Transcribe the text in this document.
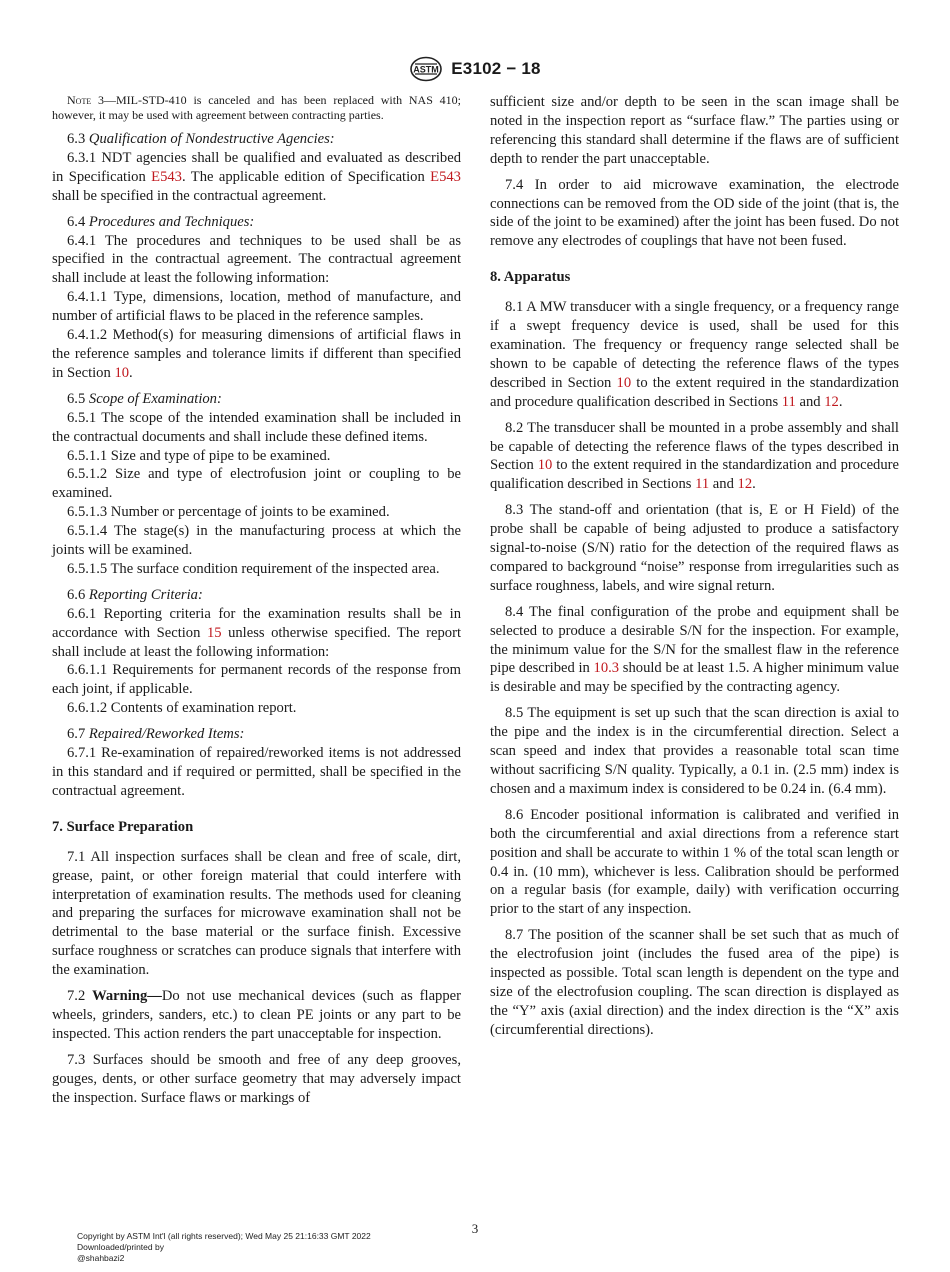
ASTM E3102 − 18
Note 3—MIL-STD-410 is canceled and has been replaced with NAS 410; however, it may be used with agreement between contracting parties.

6.3 Qualification of Nondestructive Agencies:

6.3.1 NDT agencies shall be qualified and evaluated as described in Specification E543. The applicable edition of Specification E543 shall be specified in the contractual agreement.

6.4 Procedures and Techniques:

6.4.1 The procedures and techniques to be used shall be as specified in the contractual agreement. The contractual agreement shall include at least the following information:

6.4.1.1 Type, dimensions, location, method of manufacture, and number of artificial flaws to be placed in the reference samples.

6.4.1.2 Method(s) for measuring dimensions of artificial flaws in the reference samples and tolerance limits if different than specified in Section 10.

6.5 Scope of Examination:

6.5.1 The scope of the intended examination shall be included in the contractual documents and shall include these defined items.

6.5.1.1 Size and type of pipe to be examined.

6.5.1.2 Size and type of electrofusion joint or coupling to be examined.

6.5.1.3 Number or percentage of joints to be examined.

6.5.1.4 The stage(s) in the manufacturing process at which the joints will be examined.

6.5.1.5 The surface condition requirement of the inspected area.

6.6 Reporting Criteria:

6.6.1 Reporting criteria for the examination results shall be in accordance with Section 15 unless otherwise specified. The report shall include at least the following information:

6.6.1.1 Requirements for permanent records of the response from each joint, if applicable.

6.6.1.2 Contents of examination report.

6.7 Repaired/Reworked Items:

6.7.1 Re-examination of repaired/reworked items is not addressed in this standard and if required or permitted, shall be specified in the contractual agreement.

7. Surface Preparation

7.1 All inspection surfaces shall be clean and free of scale, dirt, grease, paint, or other foreign material that could interfere with interpretation of examination results. The methods used for cleaning and preparing the surfaces for microwave examination shall not be detrimental to the base material or the surface finish. Excessive surface roughness or scratches can produce signals that interfere with the examination.

7.2 Warning—Do not use mechanical devices (such as flapper wheels, grinders, sanders, etc.) to clean PE joints or any part to be inspected. This action renders the part unacceptable for inspection.

7.3 Surfaces should be smooth and free of any deep grooves, gouges, dents, or other surface geometry that may adversely impact the inspection. Surface flaws or markings of

sufficient size and/or depth to be seen in the scan image shall be noted in the inspection report as “surface flaw.” The parties using or referencing this standard shall determine if the flaws are of sufficient depth to render the part unacceptable.

7.4 In order to aid microwave examination, the electrode connections can be removed from the OD side of the joint (that is, the side of the joint to be examined) after the joint has been fused. Do not remove any electrodes of couplings that have not been fused.

8. Apparatus

8.1 A MW transducer with a single frequency, or a frequency range if a swept frequency device is used, shall be used for this examination. The frequency or frequency range selected shall be shown to be capable of detecting the reference flaws of the types described in Section 10 to the extent required in the standardization and procedure qualification described in Sections 11 and 12.

8.2 The transducer shall be mounted in a probe assembly and shall be capable of detecting the reference flaws of the types described in Section 10 to the extent required in the standardization and procedure qualification described in Sections 11 and 12.

8.3 The stand-off and orientation (that is, E or H Field) of the probe shall be capable of being adjusted to produce a satisfactory signal-to-noise (S/N) ratio for the detection of the required flaws as compared to background “noise” response from irregularities such as surface roughness, labels, and wire signal return.

8.4 The final configuration of the probe and equipment shall be selected to produce a desirable S/N for the inspection. For example, the minimum value for the S/N for the smallest flaw in the reference pipe described in 10.3 should be at least 1.5. A higher minimum value is desirable and may be specified by the contracting agency.

8.5 The equipment is set up such that the scan direction is axial to the pipe and the index is in the circumferential direction. Select a scan speed and index that provides a reasonable total scan time without sacrificing S/N quality. Typically, a 0.1 in. (2.5 mm) index is chosen and a maximum index is considered to be 0.24 in. (6.4 mm).

8.6 Encoder positional information is calibrated and verified in both the circumferential and axial directions from a reference start position and shall be accurate to within 1 % of the total scan length or 0.4 in. (10 mm), whichever is less. Calibration should be performed on a regular basis (for example, daily) with verification occurring prior to the start of any inspection.

8.7 The position of the scanner shall be set such that as much of the electrofusion joint (includes the fused area of the pipe) is inspected as possible. Total scan length is dependent on the type and size of the electrofusion coupling. The scan direction is displayed as the “Y” axis (axial direction) and the index direction is the “X” axis (circumferential directions).

3
Copyright by ASTM Int'l (all rights reserved); Wed May 25 21:16:33 GMT 2022
Downloaded/printed by
@shahbazi2
